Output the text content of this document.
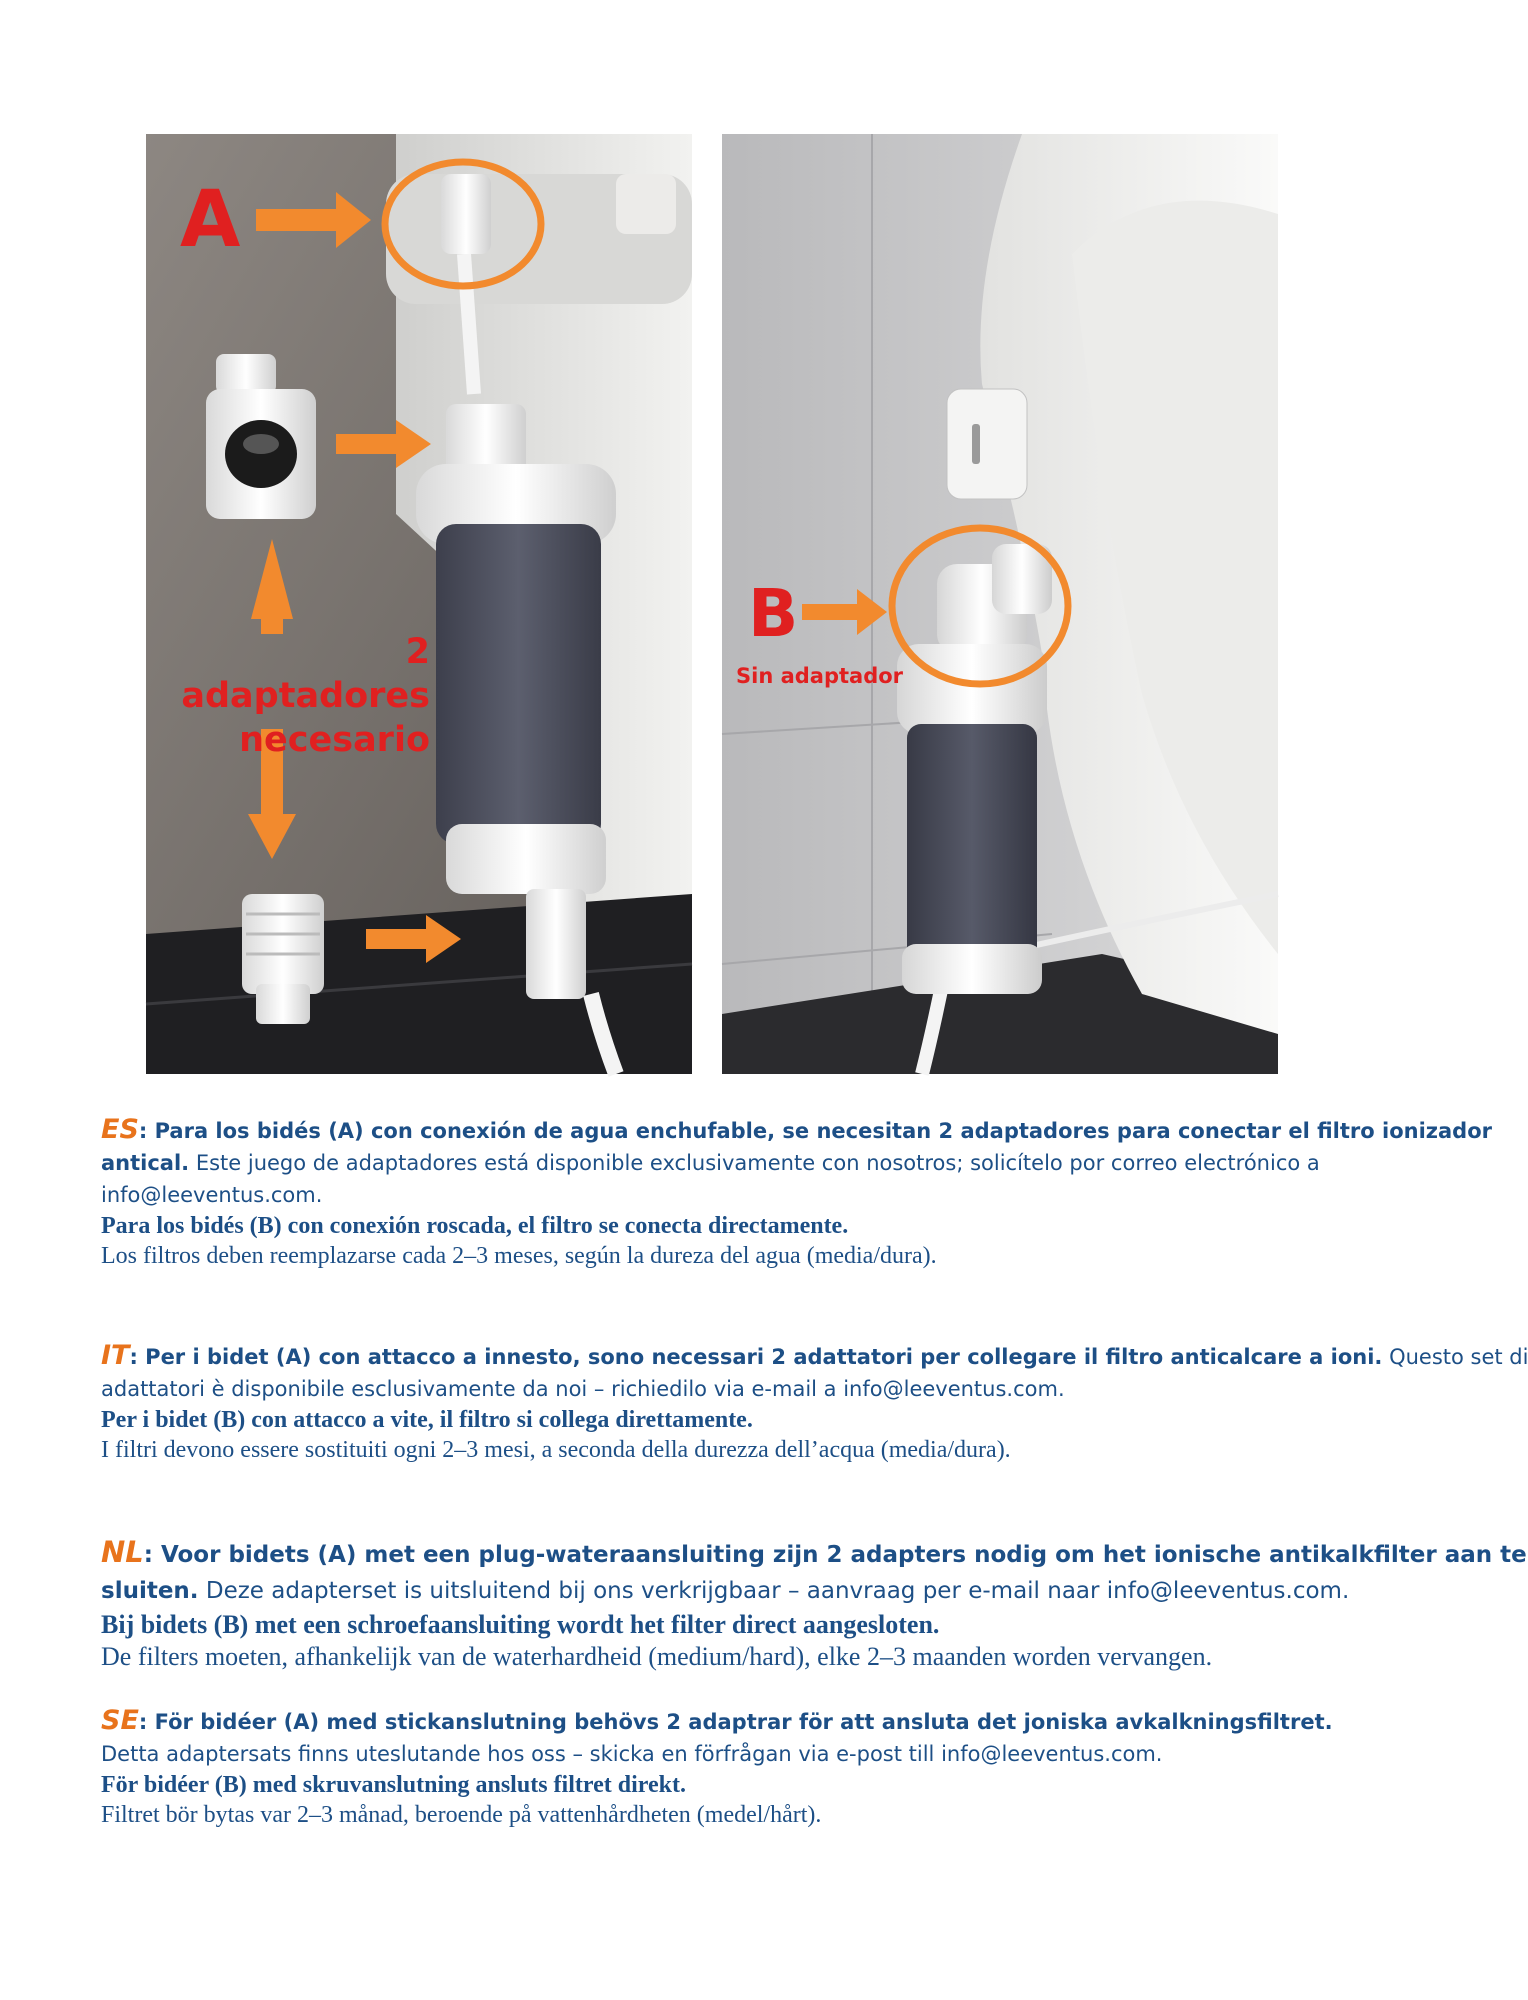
A
2 adaptadores
necesario
B
Sin adaptador
ES: Para los bidés (A) con conexión de agua enchufable, se necesitan 2 adaptadores para conectar el filtro ionizador
antical. Este juego de adaptadores está disponible exclusivamente con nosotros; solicítelo por correo electrónico a
info@leeventus.com.
Para los bidés (B) con conexión roscada, el filtro se conecta directamente.
Los filtros deben reemplazarse cada 2–3 meses, según la dureza del agua (media/dura).
IT: Per i bidet (A) con attacco a innesto, sono necessari 2 adattatori per collegare il filtro anticalcare a ioni. Questo set di
adattatori è disponibile esclusivamente da noi – richiedilo via e-mail a info@leeventus.com.
Per i bidet (B) con attacco a vite, il filtro si collega direttamente.
I filtri devono essere sostituiti ogni 2–3 mesi, a seconda della durezza dell’acqua (media/dura).
NL: Voor bidets (A) met een plug-wateraansluiting zijn 2 adapters nodig om het ionische antikalkfilter aan te
sluiten. Deze adapterset is uitsluitend bij ons verkrijgbaar – aanvraag per e-mail naar info@leeventus.com.
Bij bidets (B) met een schroefaansluiting wordt het filter direct aangesloten.
De filters moeten, afhankelijk van de waterhardheid (medium/hard), elke 2–3 maanden worden vervangen.
SE: För bidéer (A) med stickanslutning behövs 2 adaptrar för att ansluta det joniska avkalkningsfiltret.
Detta adaptersats finns uteslutande hos oss – skicka en förfrågan via e-post till info@leeventus.com.
För bidéer (B) med skruvanslutning ansluts filtret direkt.
Filtret bör bytas var 2–3 månad, beroende på vattenhårdheten (medel/hårt).
